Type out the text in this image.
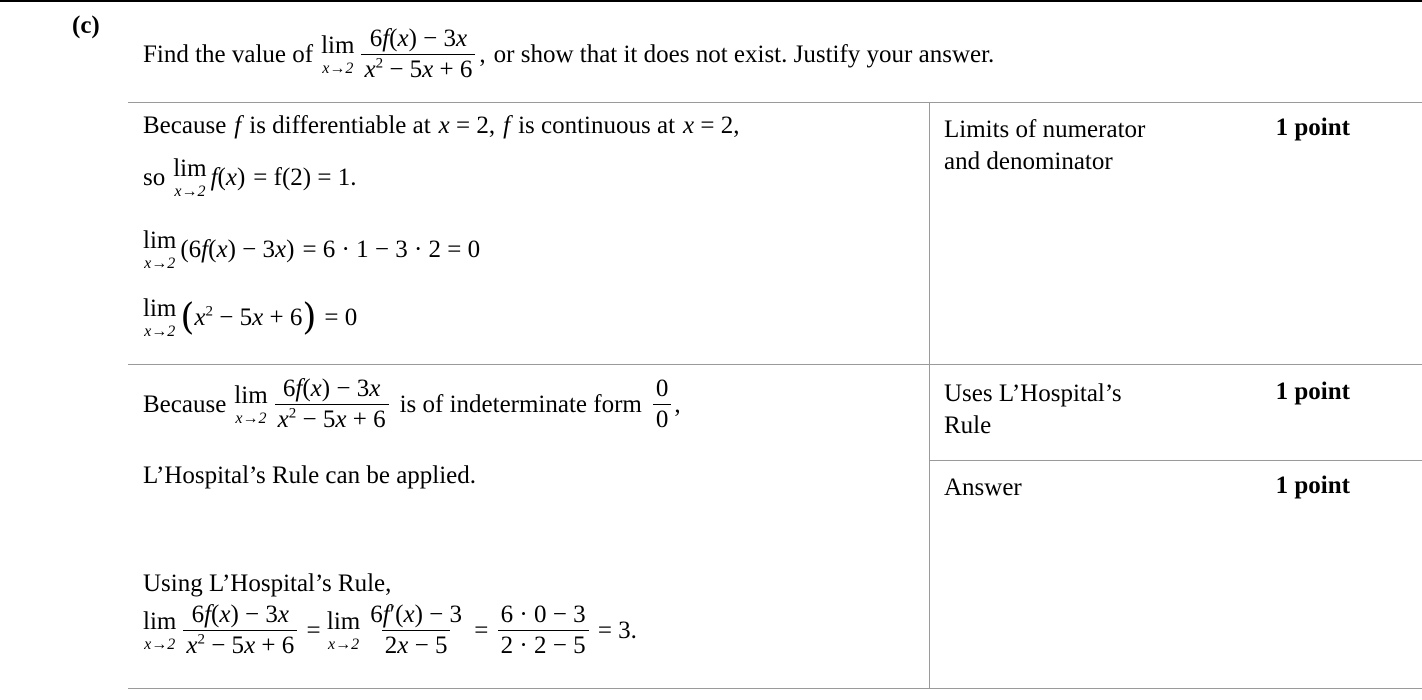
(c)
Find the value of lim
$x\to 2 \frac{6f(x) - 3x}{x^2 - 5x + 6}$ , or show that it does not exist. Justify your answer.
Because f is differentiable at x = 2, f is continuous at x = 2,
so lim
x→2
f(x) = f(2) = 1.
lim
x→2
(6f(x) − 3x) = 6 · 1 − 3 · 2 = 0
lim
x→2 ( $x^2 - 5x + 6$ ) = 0
Limits of numerator and denominator
1 point
Because lim
$x\to 2 \frac{6f(x) - 3x}{x^2 - 5x + 6}$ is of indeterminate form $\frac{0}{0}$ ,
L’Hospital’s Rule can be applied.
Using L’Hospital’s Rule,
lim
$x\to 2 \frac{6f(x) - 3x}{x^2 - 5x + 6} = \lim$
$x\to 2 \frac{6f'(x) - 3}{2x - 5} = \frac{6 \cdot 0 - 3}{2 \cdot 2 - 5} = 3$.
Uses L’Hospital’s Rule
1 point
Answer	1 point
